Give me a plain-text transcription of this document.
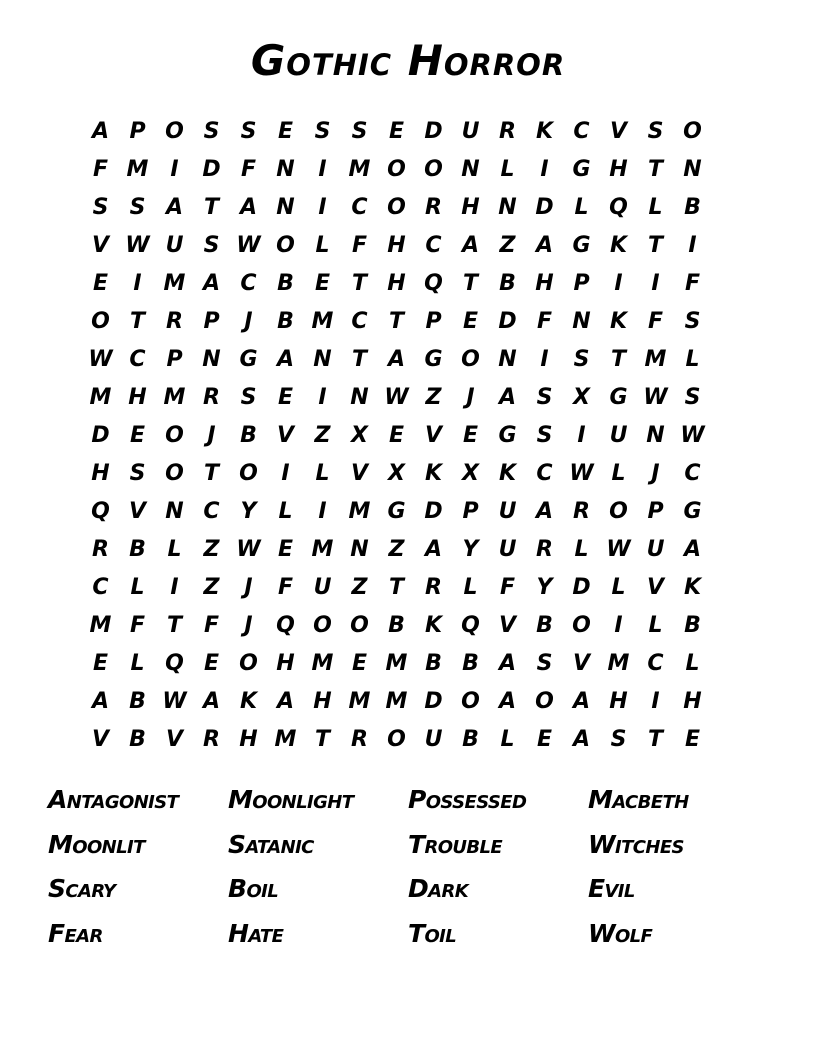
Gothic Horror
A P O S S E S S E D U R K C V S O
F M I	D F N	I M O O N L	I	G H T N
S S A T A N	I	C O R H N D L Q L B
V W U S W O L	F H C A Z A G K T	I
E	I M A C B E T H Q T B H P	I	I	F
O T R P	J	B M C T P E D F N K F S
W C P N G A N T A G O N	I	S T M L
M H M R S E	I	N W Z	J	A S X G W S
D E O	J	B V Z X E V E G S	I	U N W
H S O T O	I	L V X K X K C W L	J	C
Q V N C Y	L	I M G D P U A R O P G
R B L	Z W E M N Z A Y U R L W U A
C L	I	Z	J	F U Z T R L	F Y D L V K
M F T F	J	Q O O B K Q V B O	I	L B
E	L Q E O H M E M B B A S V M C L
A B W A K A H M M D O A O A H	I	H
V B V R H M T R O U B L	E A S T E
Antagonist	Moonlight	Possessed	Macbeth
Moonlit	Satanic	Trouble	Witches
Scary	Boil	Dark	Evil
Fear	Hate	Toil	Wolf
